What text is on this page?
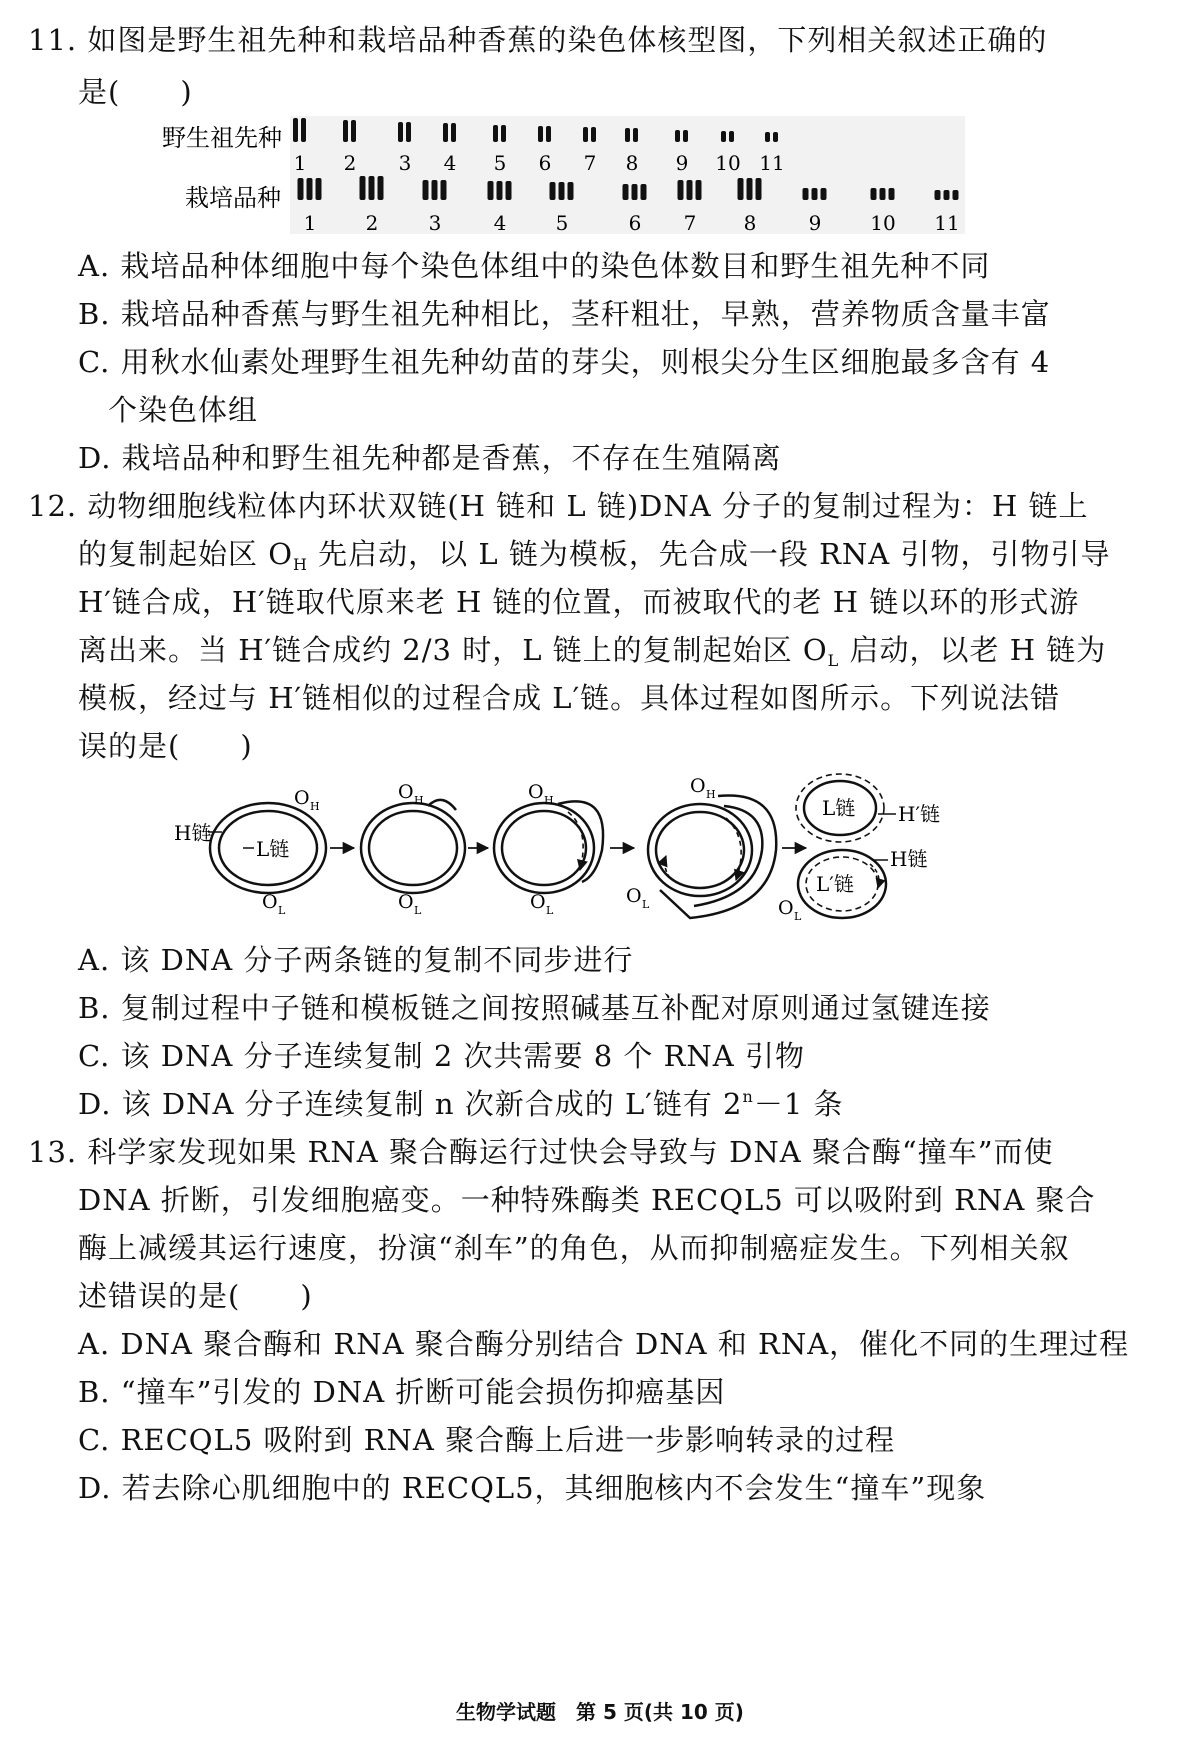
11. 如图是野生祖先种和栽培品种香蕉的染色体核型图，下列相关叙述正确的
是(　　)
野生祖先种
栽培品种
1 2 3 4 5 6 7 8 9 10 11
1 2	3	4 5	6 7 8	9 10 11
A. 栽培品种体细胞中每个染色体组中的染色体数目和野生祖先种不同
B. 栽培品种香蕉与野生祖先种相比，茎秆粗壮，早熟，营养物质含量丰富
C. 用秋水仙素处理野生祖先种幼苗的芽尖，则根尖分生区细胞最多含有 4
个染色体组
D. 栽培品种和野生祖先种都是香蕉，不存在生殖隔离
12. 动物细胞线粒体内环状双链(H 链和 L 链)DNA 分子的复制过程为：H 链上
的复制起始区 $O_H$ 先启动，以 L 链为模板，先合成一段 RNA 引物，引物引导
H′链合成，H′链取代原来老 H 链的位置，而被取代的老 H 链以环的形式游
离出来。当 H′链合成约 2/3 时，L 链上的复制起始区 $O_L$ 启动，以老 H 链为
模板，经过与 H′链相似的过程合成 L′链。具体过程如图所示。下列说法错
误的是(　　)
H链
L链
O H
O L
O H
O L
O H
O L
O H
O L
L链 H′链
L′链
H链
O L
A. 该 DNA 分子两条链的复制不同步进行
B. 复制过程中子链和模板链之间按照碱基互补配对原则通过氢键连接
C. 该 DNA 分子连续复制 2 次共需要 8 个 RNA 引物
D. 该 DNA 分子连续复制 n 次新合成的 L′链有 $2^n-1$ 条
13. 科学家发现如果 RNA 聚合酶运行过快会导致与 DNA 聚合酶“撞车”而使
DNA 折断，引发细胞癌变。一种特殊酶类 RECQL5 可以吸附到 RNA 聚合
酶上减缓其运行速度，扮演“刹车”的角色，从而抑制癌症发生。下列相关叙
述错误的是(　　)
A. DNA 聚合酶和 RNA 聚合酶分别结合 DNA 和 RNA，催化不同的生理过程
B. “撞车”引发的 DNA 折断可能会损伤抑癌基因
C. RECQL5 吸附到 RNA 聚合酶上后进一步影响转录的过程
D. 若去除心肌细胞中的 RECQL5，其细胞核内不会发生“撞车”现象
生物学试题　第 5 页(共 10 页)
